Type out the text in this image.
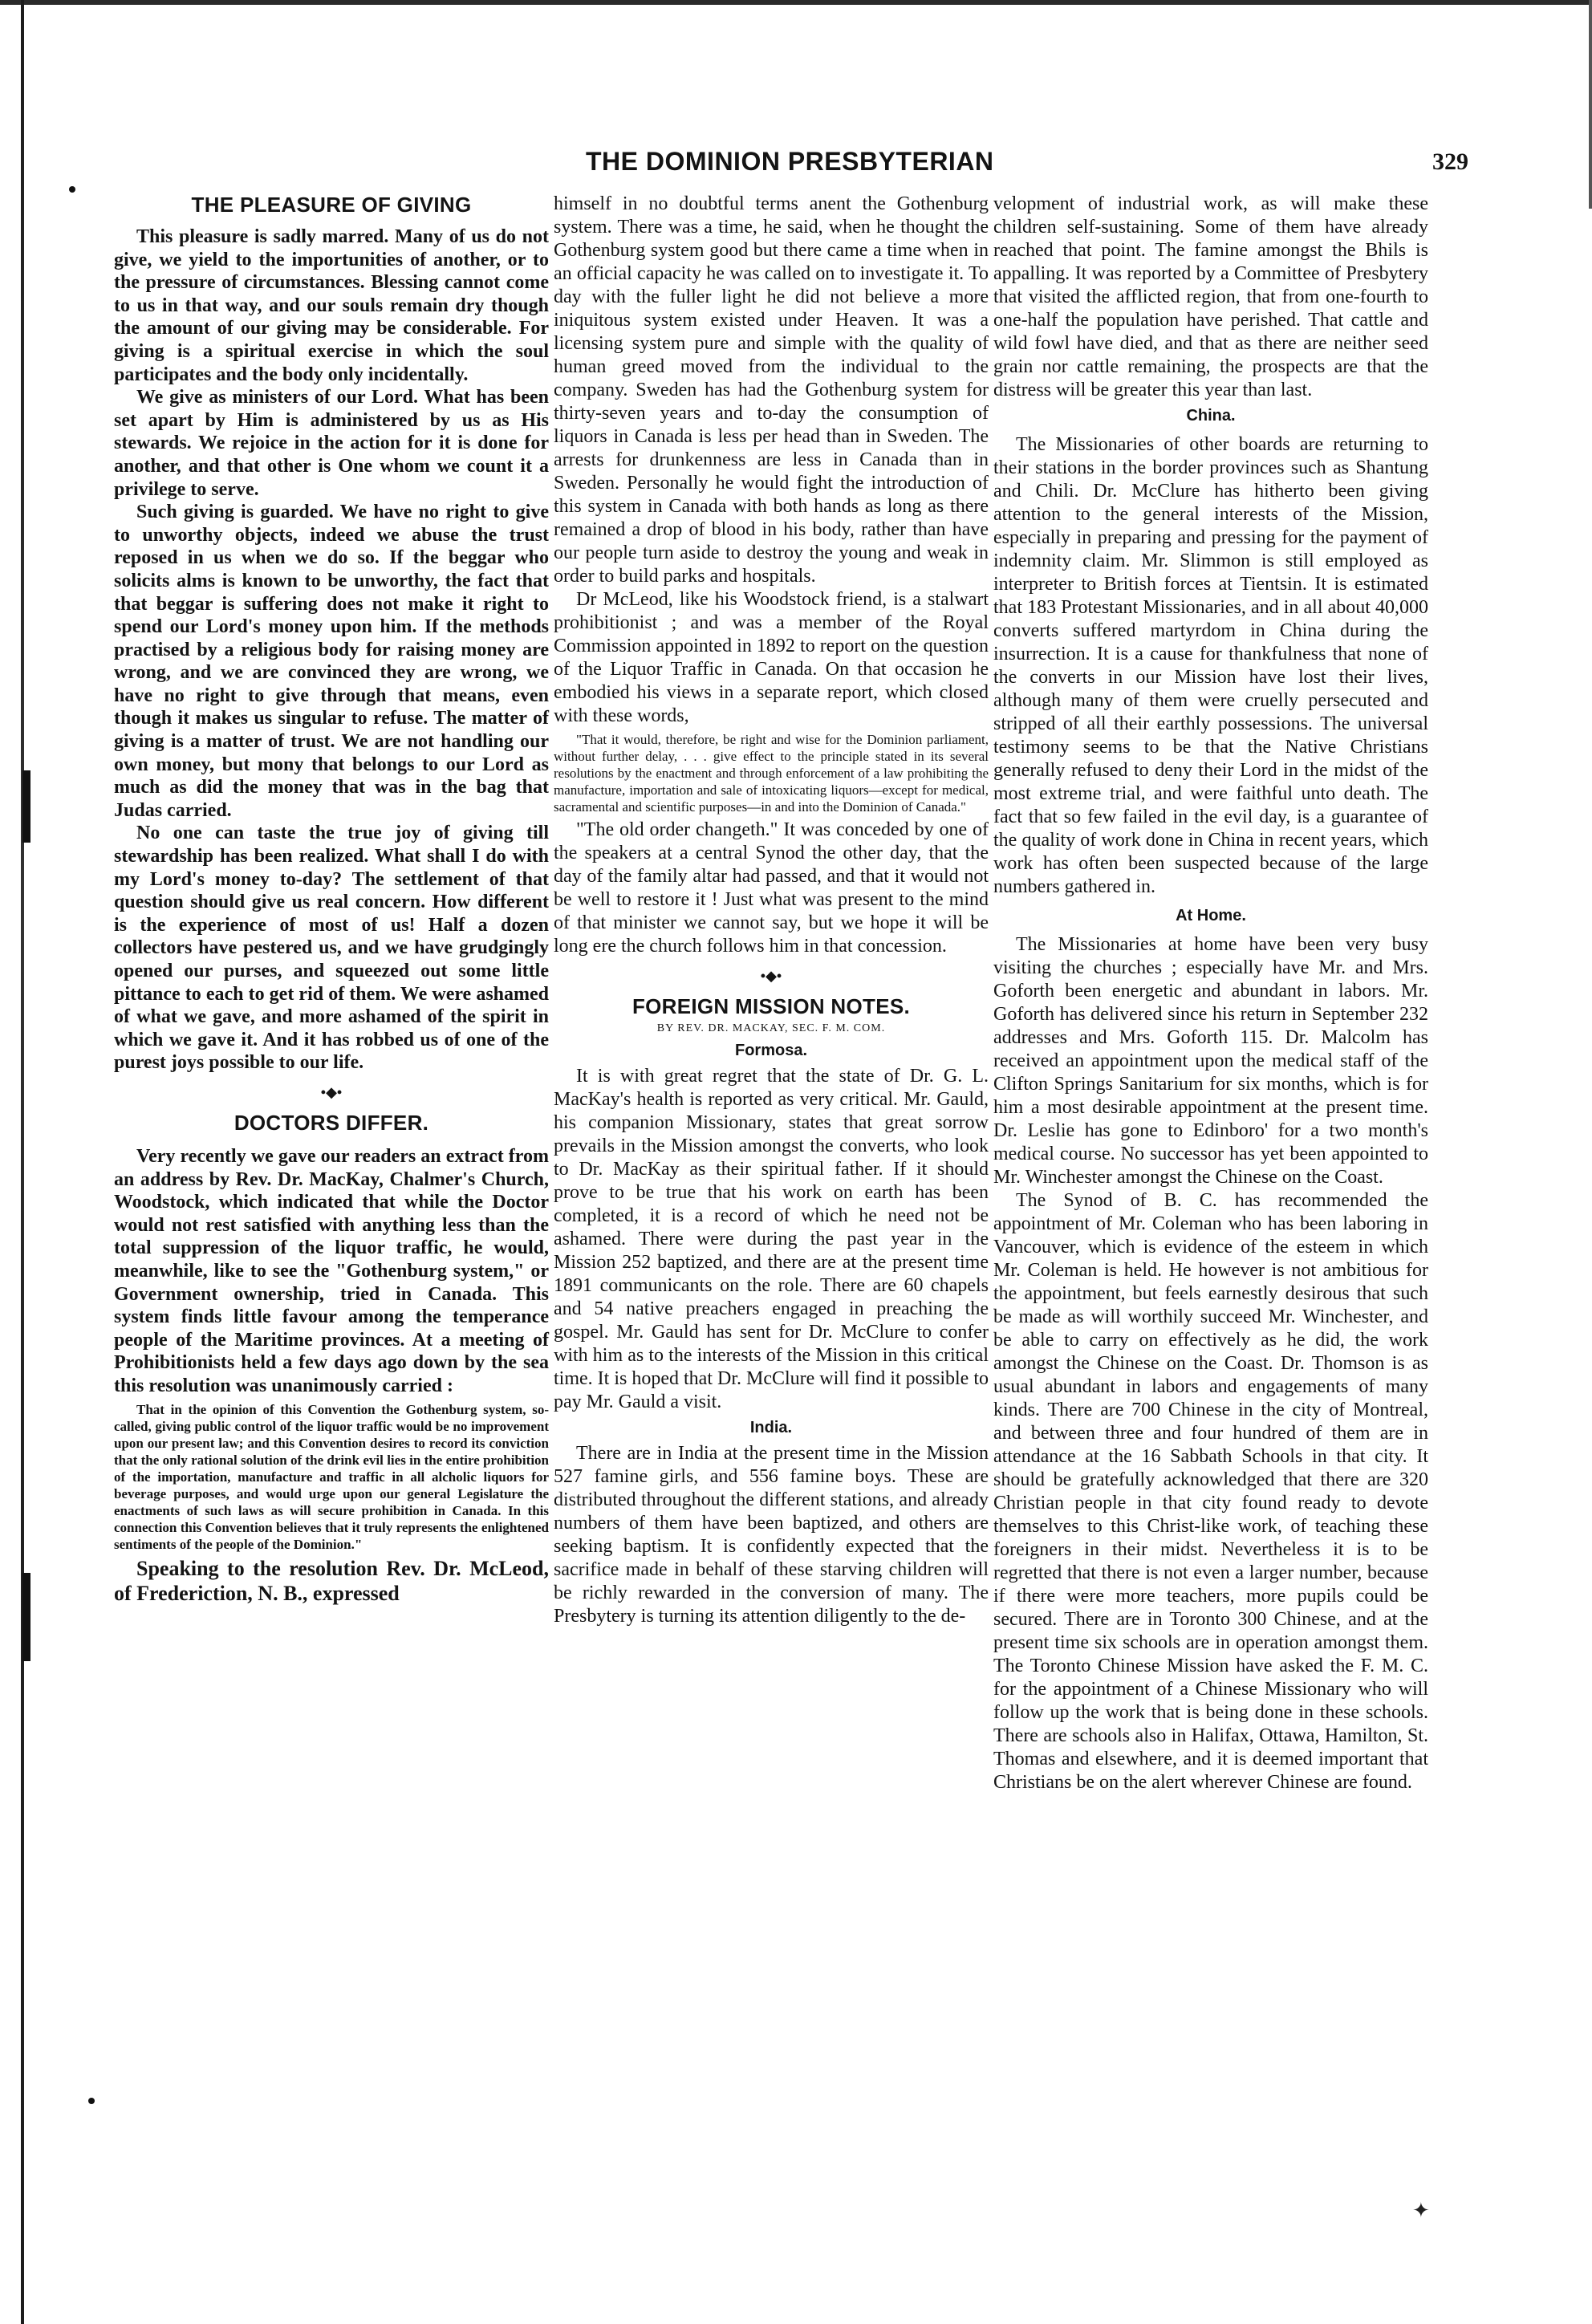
THE DOMINION PRESBYTERIAN	329
THE PLEASURE OF GIVING

This pleasure is sadly marred. Many of us do not give, we yield to the importunities of another, or to the pressure of circumstances. Blessing cannot come to us in that way, and our souls remain dry though the amount of our giving may be considerable. For giving is a spiritual exercise in which the soul participates and the body only incidentally.

We give as ministers of our Lord. What has been set apart by Him is administered by us as His stewards. We rejoice in the action for it is done for another, and that other is One whom we count it a privilege to serve.

Such giving is guarded. We have no right to give to unworthy objects, indeed we abuse the trust reposed in us when we do so. If the beggar who solicits alms is known to be unworthy, the fact that that beggar is suffering does not make it right to spend our Lord's money upon him. If the methods practised by a religious body for raising money are wrong, and we are convinced they are wrong, we have no right to give through that means, even though it makes us singular to refuse. The matter of giving is a matter of trust. We are not handling our own money, but mony that belongs to our Lord as much as did the money that was in the bag that Judas carried.

No one can taste the true joy of giving till stewardship has been realized. What shall I do with my Lord's money to-day? The settlement of that question should give us real concern. How different is the experience of most of us! Half a dozen collectors have pestered us, and we have grudgingly opened our purses, and squeezed out some little pittance to each to get rid of them. We were ashamed of what we gave, and more ashamed of the spirit in which we gave it. And it has robbed us of one of the purest joys possible to our life.

•◆•
DOCTORS DIFFER.

Very recently we gave our readers an extract from an address by Rev. Dr. MacKay, Chalmer's Church, Woodstock, which indicated that while the Doctor would not rest satisfied with anything less than the total suppression of the liquor traffic, he would, meanwhile, like to see the "Gothenburg system," or Government ownership, tried in Canada. This system finds little favour among the temperance people of the Maritime provinces. At a meeting of Prohibitionists held a few days ago down by the sea this resolution was unanimously carried :

That in the opinion of this Convention the Gothenburg system, so-called, giving public control of the liquor traffic would be no improvement upon our present law; and this Convention desires to record its conviction that the only rational solution of the drink evil lies in the entire prohibition of the importation, manufacture and traffic in all alcholic liquors for beverage purposes, and would urge upon our general Legislature the enactments of such laws as will secure prohibition in Canada. In this connection this Convention believes that it truly represents the enlightened sentiments of the people of the Dominion."

Speaking to the resolution Rev. Dr. McLeod, of Frederiction, N. B., expressed

himself in no doubtful terms anent the Gothenburg system. There was a time, he said, when he thought the Gothenburg system good but there came a time when in an official capacity he was called on to investigate it. To day with the fuller light he did not believe a more iniquitous system existed under Heaven. It was a licensing system pure and simple with the quality of human greed moved from the individual to the company. Sweden has had the Gothenburg system for thirty-seven years and to-day the consumption of liquors in Canada is less per head than in Sweden. The arrests for drunkenness are less in Canada than in Sweden. Personally he would fight the introduction of this system in Canada with both hands as long as there remained a drop of blood in his body, rather than have our people turn aside to destroy the young and weak in order to build parks and hospitals.

Dr McLeod, like his Woodstock friend, is a stalwart prohibitionist ; and was a member of the Royal Commission appointed in 1892 to report on the question of the Liquor Traffic in Canada. On that occasion he embodied his views in a separate report, which closed with these words,

"That it would, therefore, be right and wise for the Dominion parliament, without further delay, . . . give effect to the principle stated in its several resolutions by the enactment and through enforcement of a law prohibiting the manufacture, importation and sale of intoxicating liquors—except for medical, sacramental and scientific purposes—in and into the Dominion of Canada."

"The old order changeth." It was conceded by one of the speakers at a central Synod the other day, that the day of the family altar had passed, and that it would not be well to restore it ! Just what was present to the mind of that minister we cannot say, but we hope it will be long ere the church follows him in that concession.

•◆•
FOREIGN MISSION NOTES.
BY REV. DR. MACKAY, SEC. F. M. COM.
Formosa.

It is with great regret that the state of Dr. G. L. MacKay's health is reported as very critical. Mr. Gauld, his companion Missionary, states that great sorrow prevails in the Mission amongst the converts, who look to Dr. MacKay as their spiritual father. If it should prove to be true that his work on earth has been completed, it is a record of which he need not be ashamed. There were during the past year in the Mission 252 baptized, and there are at the present time 1891 communicants on the role. There are 60 chapels and 54 native preachers engaged in preaching the gospel. Mr. Gauld has sent for Dr. McClure to confer with him as to the interests of the Mission in this critical time. It is hoped that Dr. McClure will find it possible to pay Mr. Gauld a visit.

India.

There are in India at the present time in the Mission 527 famine girls, and 556 famine boys. These are distributed throughout the different stations, and already numbers of them have been baptized, and others are seeking baptism. It is confidently expected that the sacrifice made in behalf of these starving children will be richly rewarded in the conversion of many. The Presbytery is turning its attention diligently to the de-

velopment of industrial work, as will make these children self-sustaining. Some of them have already reached that point. The famine amongst the Bhils is appalling. It was reported by a Committee of Presbytery that visited the afflicted region, that from one-fourth to one-half the population have perished. That cattle and wild fowl have died, and that as there are neither seed grain nor cattle remaining, the prospects are that the distress will be greater this year than last.

China.

The Missionaries of other boards are returning to their stations in the border provinces such as Shantung and Chili. Dr. McClure has hitherto been giving attention to the general interests of the Mission, especially in preparing and pressing for the payment of indemnity claim. Mr. Slimmon is still employed as interpreter to British forces at Tientsin. It is estimated that 183 Protestant Missionaries, and in all about 40,000 converts suffered martyrdom in China during the insurrection. It is a cause for thankfulness that none of the converts in our Mission have lost their lives, although many of them were cruelly persecuted and stripped of all their earthly possessions. The universal testimony seems to be that the Native Christians generally refused to deny their Lord in the midst of the most extreme trial, and were faithful unto death. The fact that so few failed in the evil day, is a guarantee of the quality of work done in China in recent years, which work has often been suspected because of the large numbers gathered in.

At Home.

The Missionaries at home have been very busy visiting the churches ; especially have Mr. and Mrs. Goforth been energetic and abundant in labors. Mr. Goforth has delivered since his return in September 232 addresses and Mrs. Goforth 115. Dr. Malcolm has received an appointment upon the medical staff of the Clifton Springs Sanitarium for six months, which is for him a most desirable appointment at the present time. Dr. Leslie has gone to Edinboro' for a two month's medical course. No successor has yet been appointed to Mr. Winchester amongst the Chinese on the Coast.

The Synod of B. C. has recommended the appointment of Mr. Coleman who has been laboring in Vancouver, which is evidence of the esteem in which Mr. Coleman is held. He however is not ambitious for the appointment, but feels earnestly desirous that such be made as will worthily succeed Mr. Winchester, and be able to carry on effectively as he did, the work amongst the Chinese on the Coast. Dr. Thomson is as usual abundant in labors and engagements of many kinds. There are 700 Chinese in the city of Montreal, and between three and four hundred of them are in attendance at the 16 Sabbath Schools in that city. It should be gratefully acknowledged that there are 320 Christian people in that city found ready to devote themselves to this Christ-like work, of teaching these foreigners in their midst. Nevertheless it is to be regretted that there is not even a larger number, because if there were more teachers, more pupils could be secured. There are in Toronto 300 Chinese, and at the present time six schools are in operation amongst them. The Toronto Chinese Mission have asked the F. M. C. for the appointment of a Chinese Missionary who will follow up the work that is being done in these schools. There are schools also in Halifax, Ottawa, Hamilton, St. Thomas and elsewhere, and it is deemed important that Christians be on the alert wherever Chinese are found.

✦
